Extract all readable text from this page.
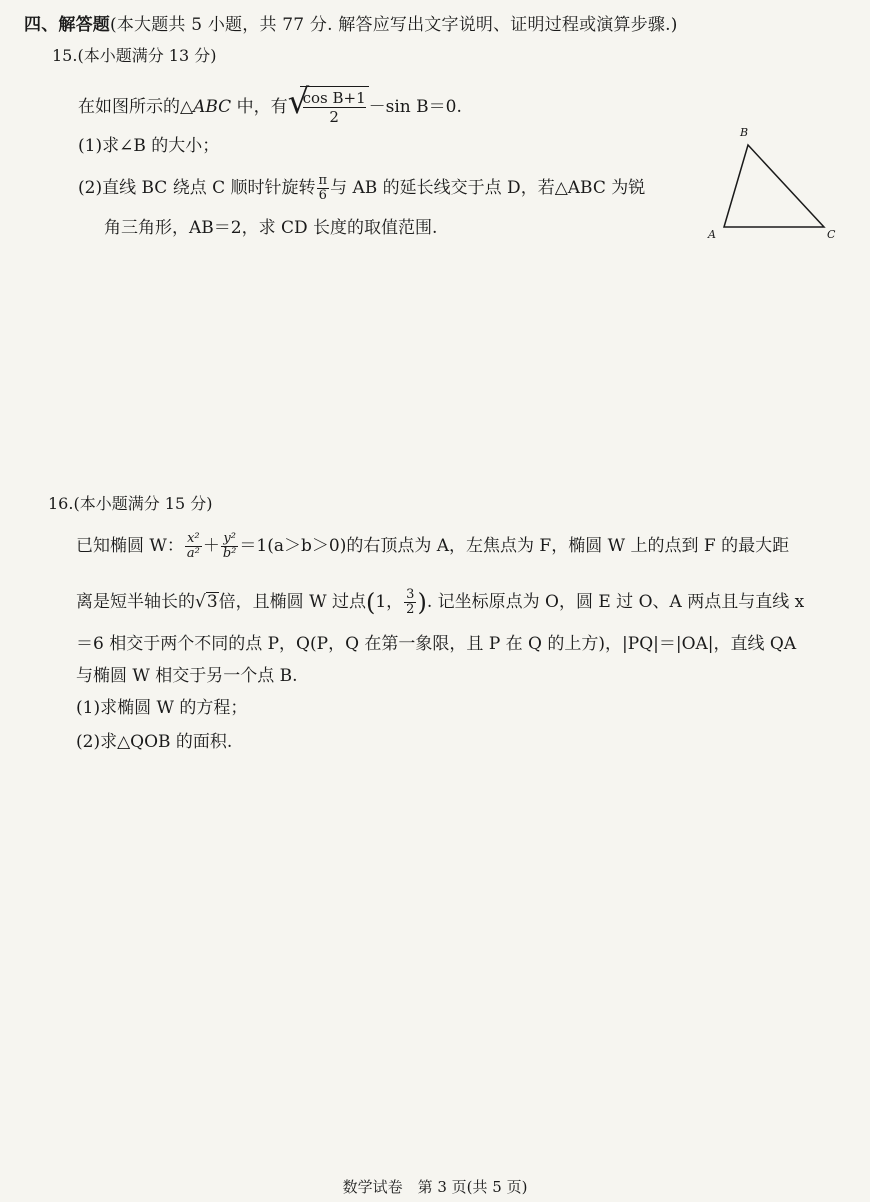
四、解答题(本大题共 5 小题，共 77 分. 解答应写出文字说明、证明过程或演算步骤.)
15.(本小题满分 13 分)
在如图所示的△ABC 中，有 √
$\frac{\text{cos B+1}}{2} -\sin$ B＝0.
(1)求∠B 的大小；
(2)直线 BC 绕点 C 顺时针旋转 $\frac{\pi}{6}$ 与 AB 的延长线交于点 D，若△ABC 为锐
角三角形，AB＝2，求 CD 长度的取值范围.
B
A	C
16.(本小题满分 15 分)
已知椭圆 W： $\frac{\text{x²}}{\text{a²}} + \frac{\text{y²}}{\text{b²}} =1(a>b>0)$的右顶点为 A，左焦点为 F，椭圆 W 上的点到 F 的最大距
离是短半轴长的√3倍，且椭圆 W 过点(1， $\frac{3}{2}$ ). 记坐标原点为 O，圆 E 过 O、A 两点且与直线 x
＝6 相交于两个不同的点 P，Q(P，Q 在第一象限，且 P 在 Q 的上方)，|PQ|＝|OA|，直线 QA
与椭圆 W 相交于另一个点 B.
(1)求椭圆 W 的方程；
(2)求△QOB 的面积.
数学试卷　第 3 页(共 5 页)
